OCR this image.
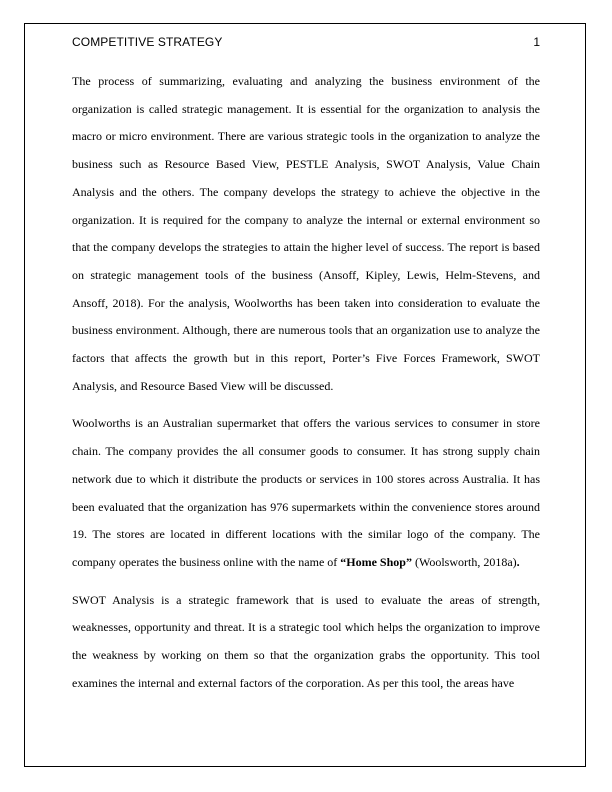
COMPETITIVE STRATEGY	1

The process of summarizing, evaluating and analyzing the business environment of the
organization is called strategic management. It is essential for the organization to analysis the
macro or micro environment. There are various strategic tools in the organization to analyze the
business such as Resource Based View, PESTLE Analysis, SWOT Analysis, Value Chain
Analysis and the others. The company develops the strategy to achieve the objective in the
organization. It is required for the company to analyze the internal or external environment so
that the company develops the strategies to attain the higher level of success. The report is based
on strategic management tools of the business (Ansoff, Kipley, Lewis, Helm-Stevens, and
Ansoff, 2018). For the analysis, Woolworths has been taken into consideration to evaluate the
business environment. Although, there are numerous tools that an organization use to analyze the
factors that affects the growth but in this report, Porter’s Five Forces Framework, SWOT
Analysis, and Resource Based View will be discussed.

Woolworths is an Australian supermarket that offers the various services to consumer in store
chain. The company provides the all consumer goods to consumer. It has strong supply chain
network due to which it distribute the products or services in 100 stores across Australia. It has
been evaluated that the organization has 976 supermarkets within the convenience stores around
19. The stores are located in different locations with the similar logo of the company. The
company operates the business online with the name of “Home Shop” (Woolsworth, 2018a).

SWOT Analysis is a strategic framework that is used to evaluate the areas of strength,
weaknesses, opportunity and threat. It is a strategic tool which helps the organization to improve
the weakness by working on them so that the organization grabs the opportunity. This tool
examines the internal and external factors of the corporation. As per this tool, the areas have
